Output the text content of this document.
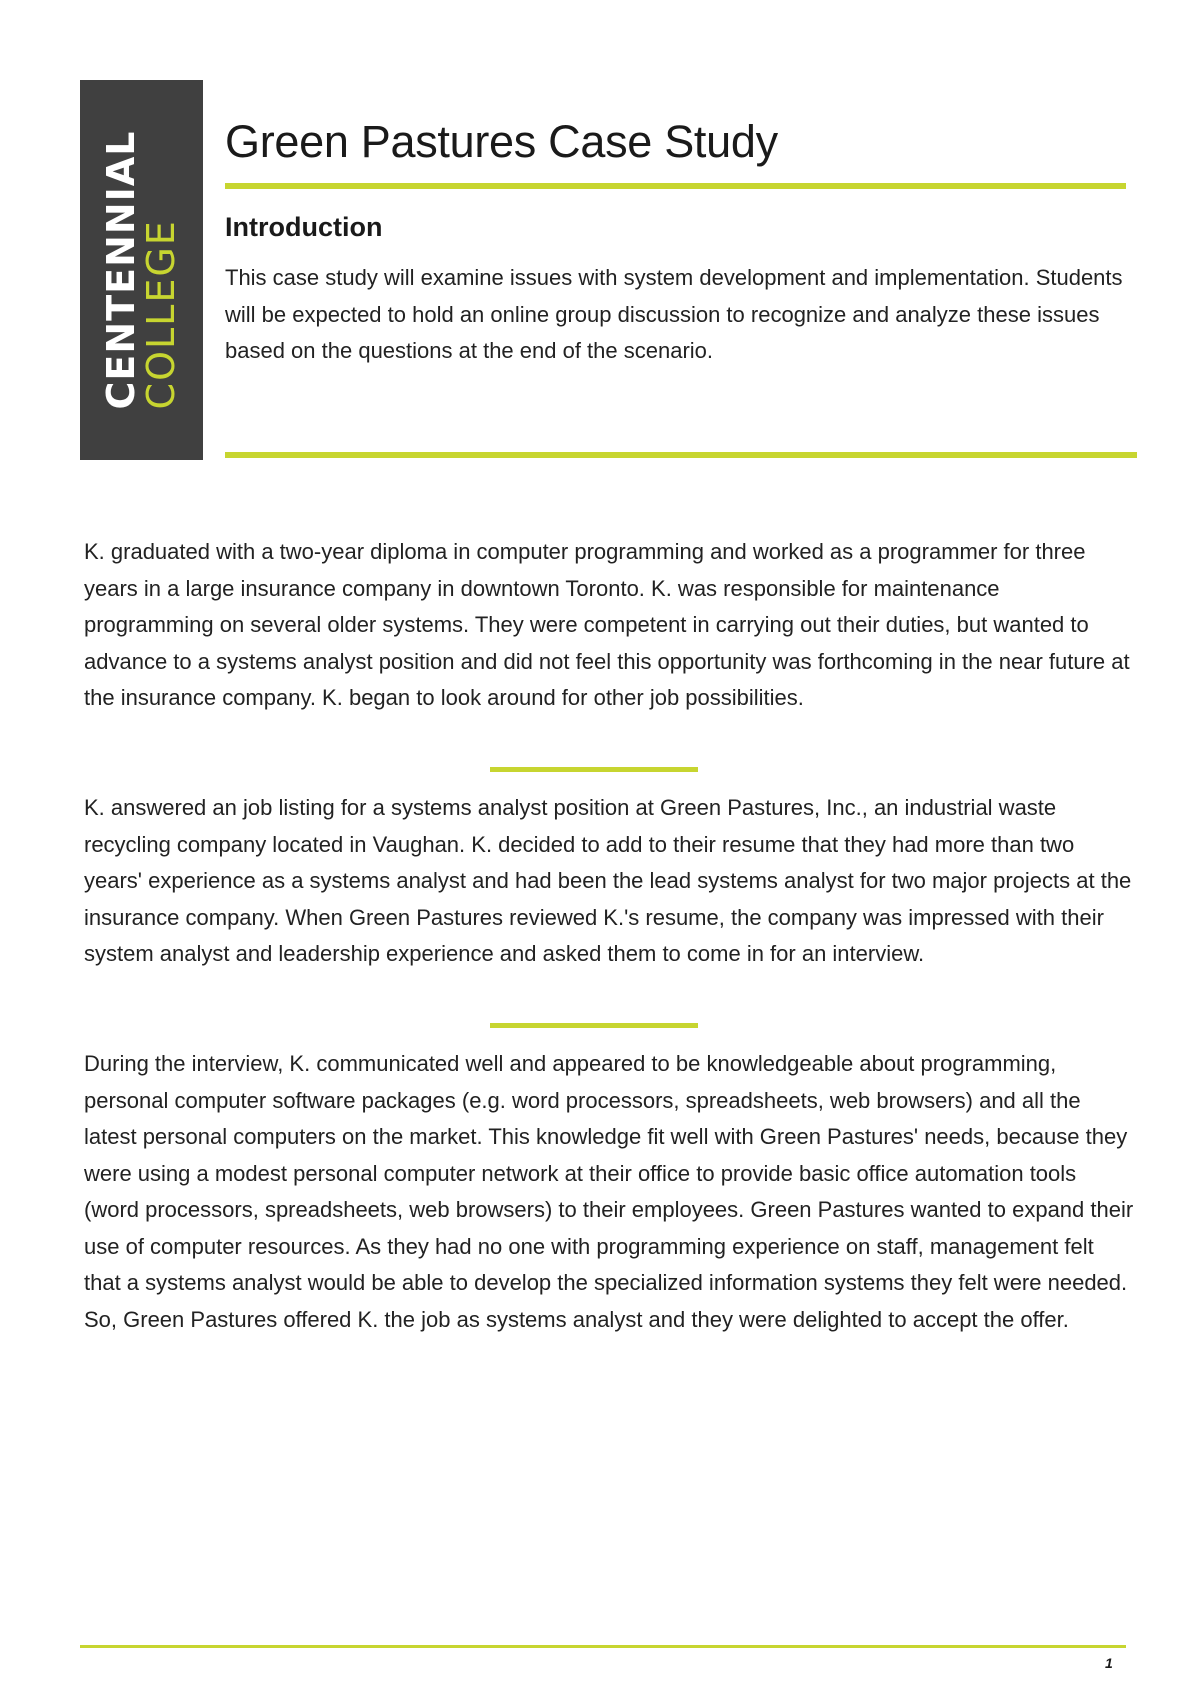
CENTENNIAL
COLLEGE
Green Pastures Case Study
Introduction

This case study will examine issues with system development and implementation. Students will be expected to hold an online group discussion to recognize and analyze these issues based on the questions at the end of the scenario.

K. graduated with a two-year diploma in computer programming and worked as a programmer for three years in a large insurance company in downtown Toronto. K. was responsible for maintenance programming on several older systems. They were competent in carrying out their duties, but wanted to advance to a systems analyst position and did not feel this opportunity was forthcoming in the near future at the insurance company. K. began to look around for other job possibilities.

K. answered an job listing for a systems analyst position at Green Pastures, Inc., an industrial waste recycling company located in Vaughan. K. decided to add to their resume that they had more than two years' experience as a systems analyst and had been the lead systems analyst for two major projects at the insurance company. When Green Pastures reviewed K.'s resume, the company was impressed with their system analyst and leadership experience and asked them to come in for an interview.

During the interview, K. communicated well and appeared to be knowledgeable about programming, personal computer software packages (e.g. word processors, spreadsheets, web browsers) and all the latest personal computers on the market. This knowledge fit well with Green Pastures' needs, because they were using a modest personal computer network at their office to provide basic office automation tools (word processors, spreadsheets, web browsers) to their employees. Green Pastures wanted to expand their use of computer resources. As they had no one with programming experience on staff, management felt that a systems analyst would be able to develop the specialized information systems they felt were needed. So, Green Pastures offered K. the job as systems analyst and they were delighted to accept the offer.

1
